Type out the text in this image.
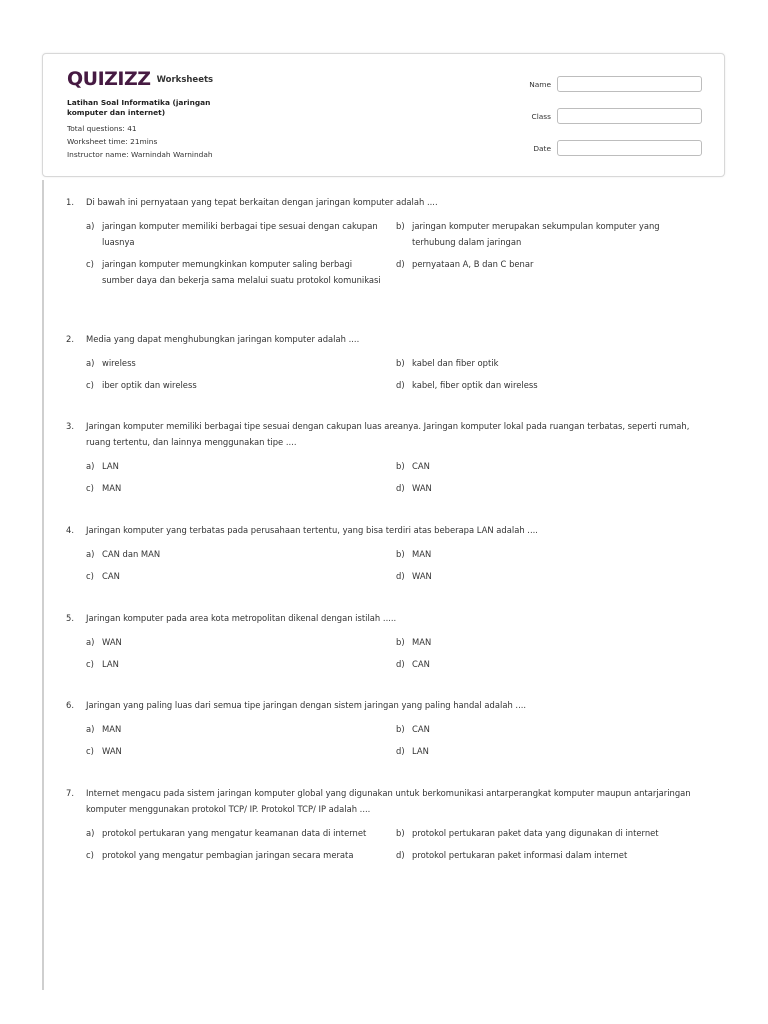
QUIZIZZ Worksheets
Latihan Soal Informatika (jaringan komputer dan internet)
Total questions: 41
Worksheet time: 21mins
Instructor name: Warnindah Warnindah
Name
Class
Date
1.	Di bawah ini pernyataan yang tepat berkaitan dengan jaringan komputer adalah ....
a) jaringan komputer memiliki berbagai tipe sesuai dengan cakupan luasnya
b) jaringan komputer merupakan sekumpulan komputer yang terhubung dalam jaringan
c) jaringan komputer memungkinkan komputer saling berbagi sumber daya dan bekerja sama melalui suatu protokol komunikasi
d) pernyataan A, B dan C benar
2.	Media yang dapat menghubungkan jaringan komputer adalah ....
a) wireless	b) kabel dan fiber optik
c) iber optik dan wireless	d) kabel, fiber optik dan wireless
3.	Jaringan komputer memiliki berbagai tipe sesuai dengan cakupan luas areanya. Jaringan komputer lokal pada ruangan terbatas, seperti rumah, ruang tertentu, dan lainnya menggunakan tipe ....
a) LAN	b) CAN
c) MAN	d) WAN
4.	Jaringan komputer yang terbatas pada perusahaan tertentu, yang bisa terdiri atas beberapa LAN adalah ....
a) CAN dan MAN	b) MAN
c) CAN	d) WAN
5.	Jaringan komputer pada area kota metropolitan dikenal dengan istilah .....
a) WAN	b) MAN
c) LAN	d) CAN
6.	Jaringan yang paling luas dari semua tipe jaringan dengan sistem jaringan yang paling handal adalah ....
a) MAN	b) CAN
c) WAN	d) LAN
7.	Internet mengacu pada sistem jaringan komputer global yang digunakan untuk berkomunikasi antarperangkat komputer maupun antarjaringan komputer menggunakan protokol TCP/ IP. Protokol TCP/ IP adalah ....
a) protokol pertukaran yang mengatur keamanan data di internet	b) protokol pertukaran paket data yang digunakan di internet
c) protokol yang mengatur pembagian jaringan secara merata	d) protokol pertukaran paket informasi dalam internet
